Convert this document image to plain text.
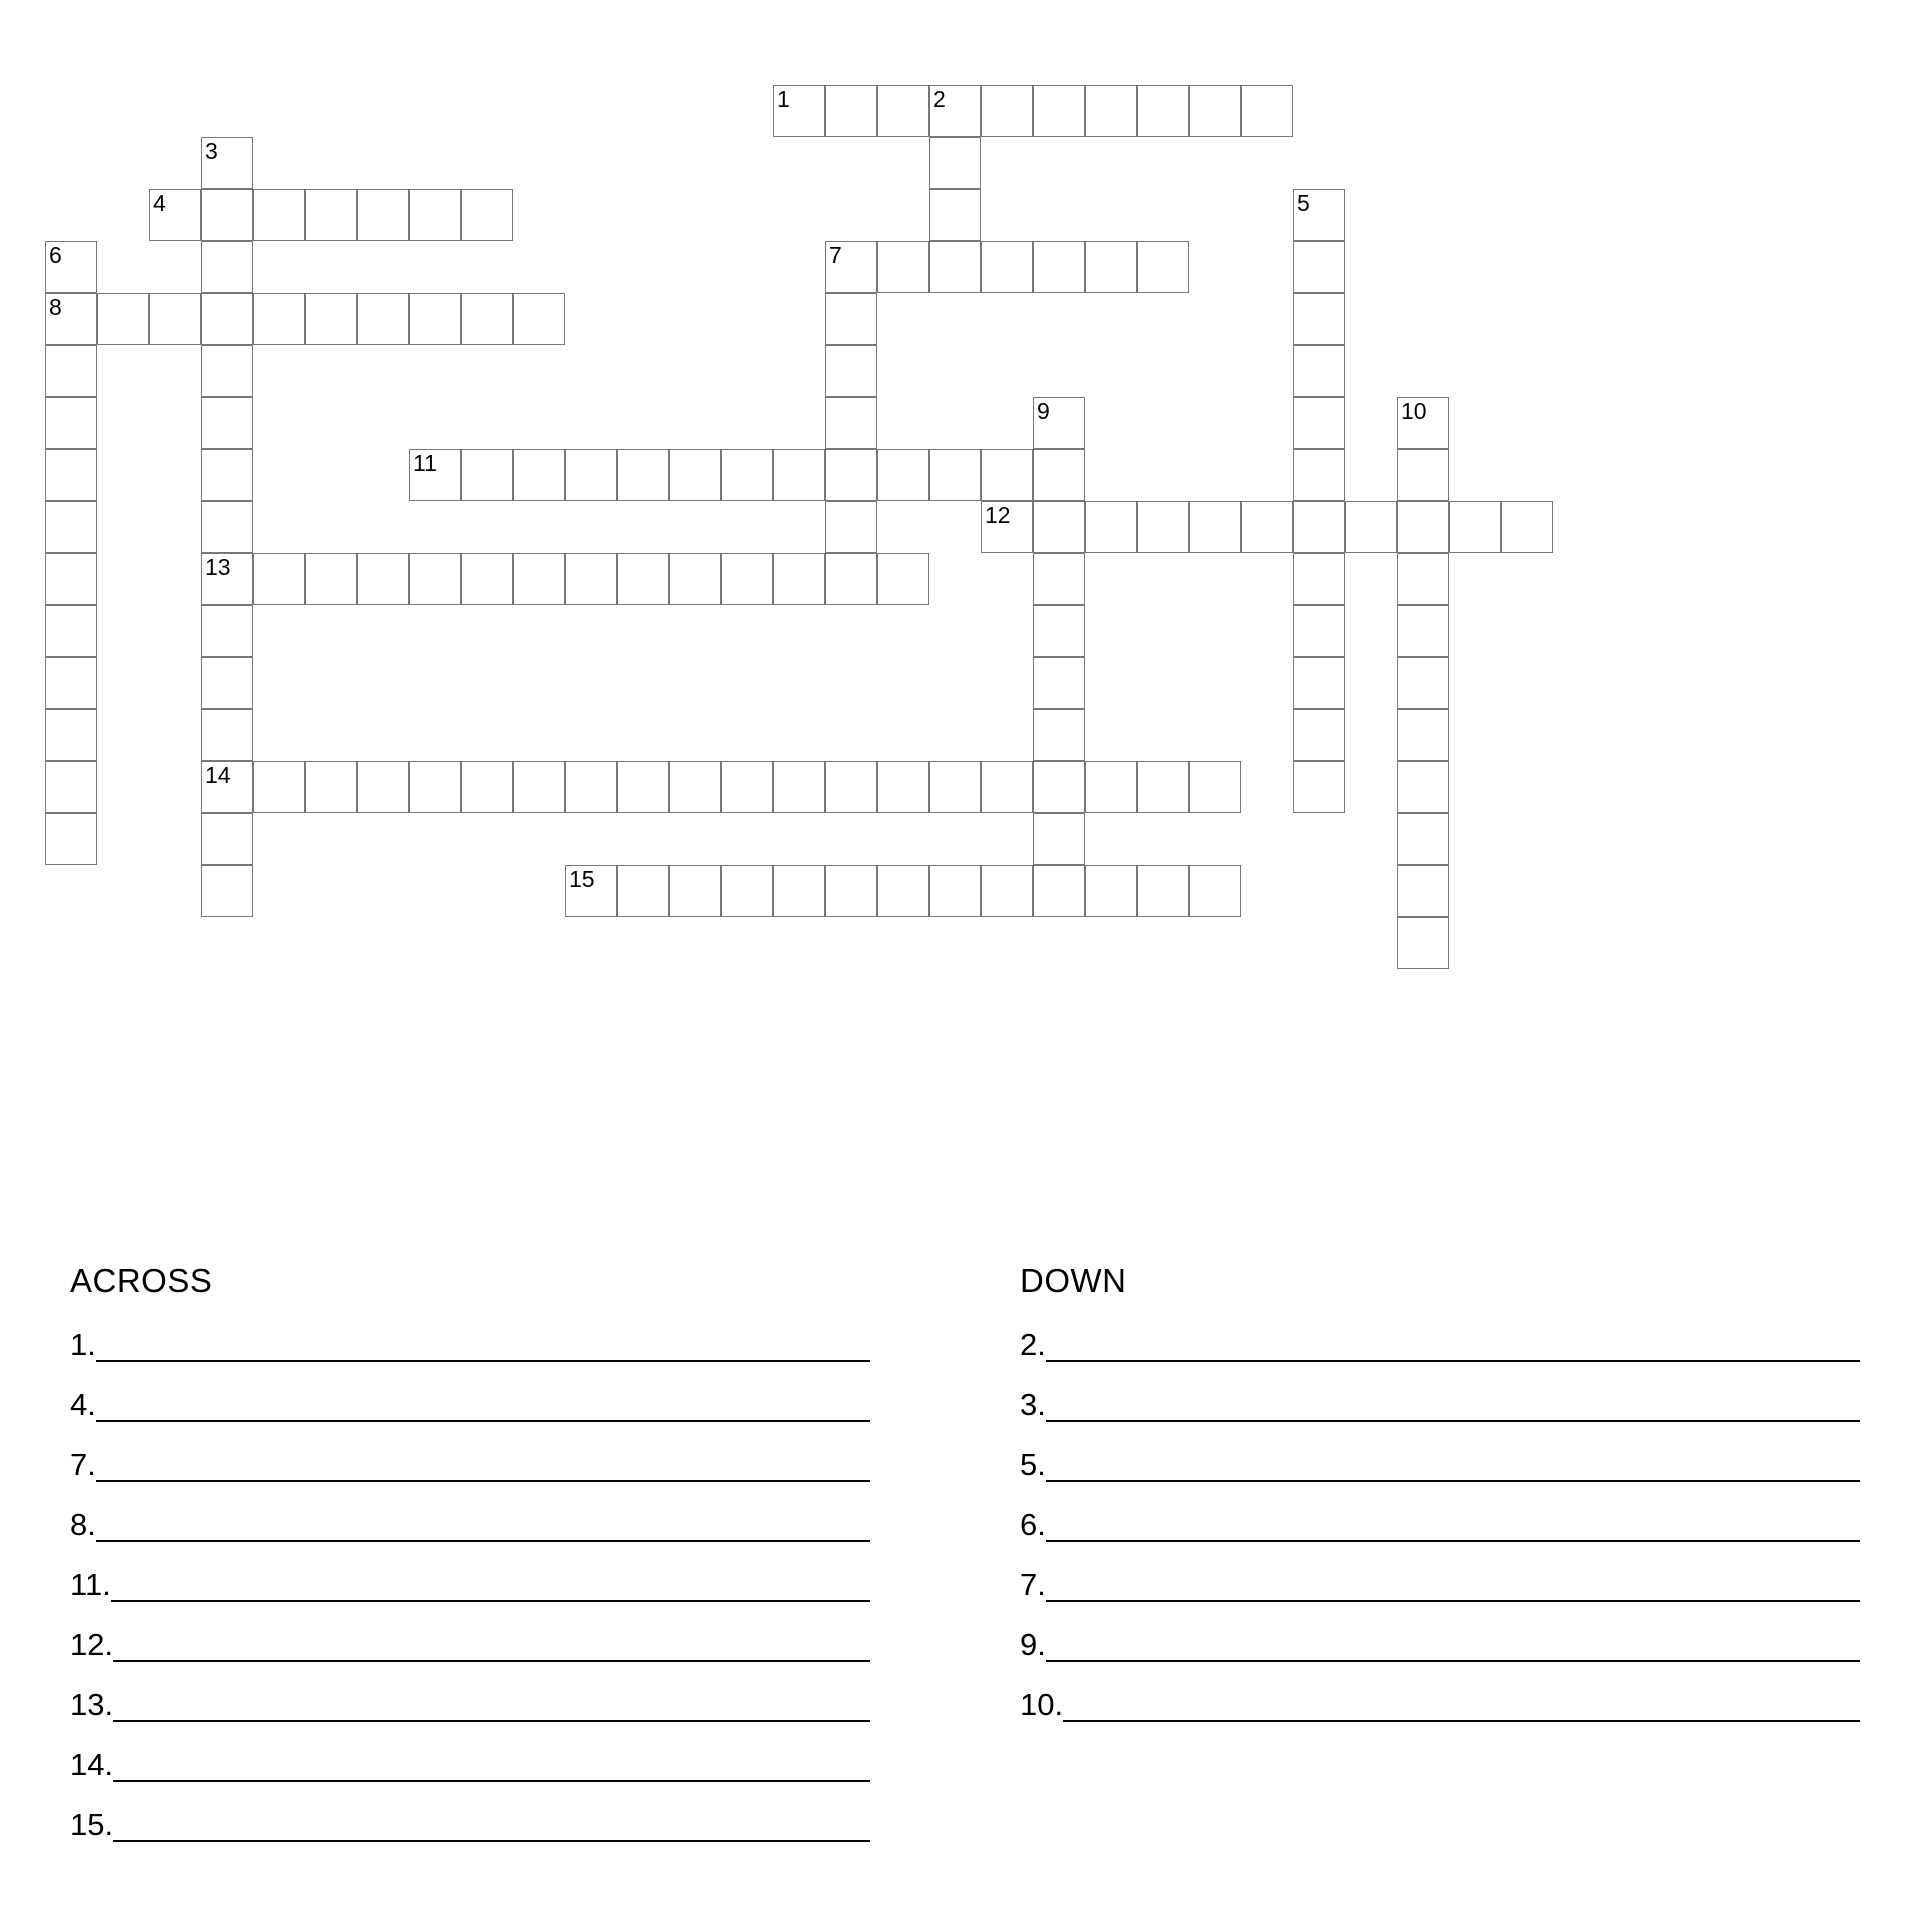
1	2
4
7
8
11
12
13
14
15
3
5
6
9	10
ACROSS	DOWN
1.
4.
7.
8.
11.
12.
13.
14.
15.
2.
3.
5.
6.
7.
9.
10.
